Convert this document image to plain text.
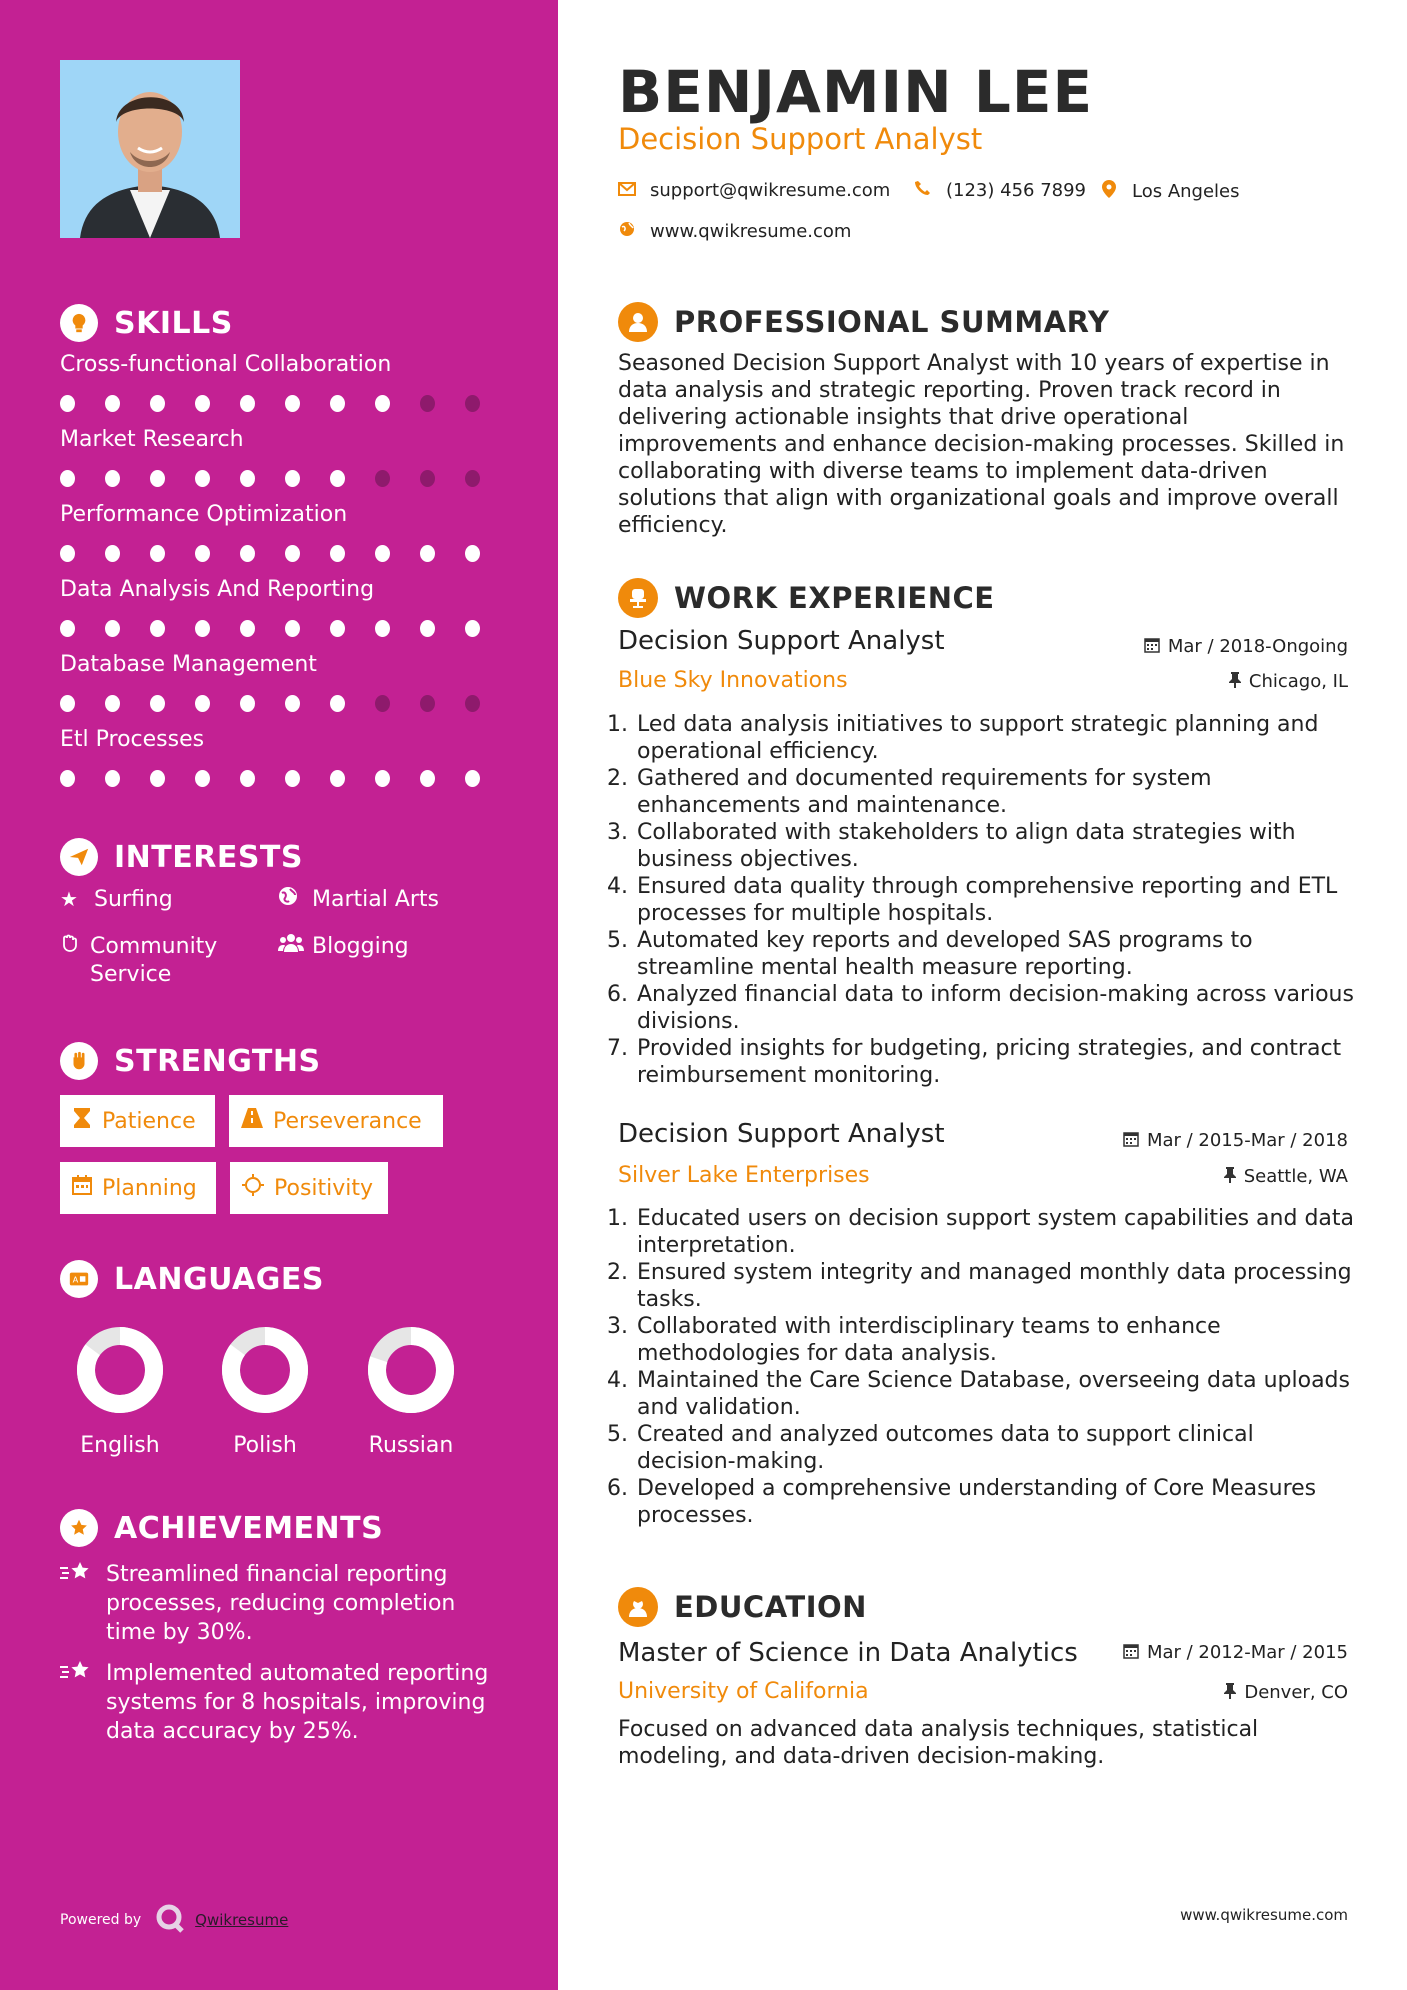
SKILLS
Cross-functional Collaboration
Market Research
Performance Optimization
Data Analysis And Reporting
Database Management
Etl Processes
INTERESTS
★ Surfing	Martial Arts
Community Service
Blogging
STRENGTHS
Patience	Perseverance
Planning	Positivity
A LANGUAGES
English	Polish	Russian
ACHIEVEMENTS
Streamlined financial reporting processes, reducing completion time by 30%.
Implemented automated reporting systems for 8 hospitals, improving data accuracy by 25%.
Powered by	Qwikresume
BENJAMIN LEE
Decision Support Analyst
support@qwikresume.com	(123) 456 7899	Los Angeles
www.qwikresume.com
PROFESSIONAL SUMMARY
Seasoned Decision Support Analyst with 10 years of expertise in data analysis and strategic reporting. Proven track record in delivering actionable insights that drive operational improvements and enhance decision-making processes. Skilled in collaborating with diverse teams to implement data-driven solutions that align with organizational goals and improve overall efficiency.
WORK EXPERIENCE
Decision Support Analyst	Mar / 2018-Ongoing
Blue Sky Innovations	Chicago, IL
1. Led data analysis initiatives to support strategic planning and operational efficiency.
2. Gathered and documented requirements for system enhancements and maintenance.
3. Collaborated with stakeholders to align data strategies with business objectives.
4. Ensured data quality through comprehensive reporting and ETL processes for multiple hospitals.
5. Automated key reports and developed SAS programs to streamline mental health measure reporting.
6. Analyzed financial data to inform decision-making across various divisions.
7. Provided insights for budgeting, pricing strategies, and contract reimbursement monitoring.
Decision Support Analyst	Mar / 2015-Mar / 2018
Silver Lake Enterprises	Seattle, WA
1. Educated users on decision support system capabilities and data interpretation.
2. Ensured system integrity and managed monthly data processing tasks.
3. Collaborated with interdisciplinary teams to enhance methodologies for data analysis.
4. Maintained the Care Science Database, overseeing data uploads and validation.
5. Created and analyzed outcomes data to support clinical decision-making.
6. Developed a comprehensive understanding of Core Measures processes.
EDUCATION
Master of Science in Data Analytics	Mar / 2012-Mar / 2015
University of California	Denver, CO
Focused on advanced data analysis techniques, statistical modeling, and data-driven decision-making.
www.qwikresume.com
